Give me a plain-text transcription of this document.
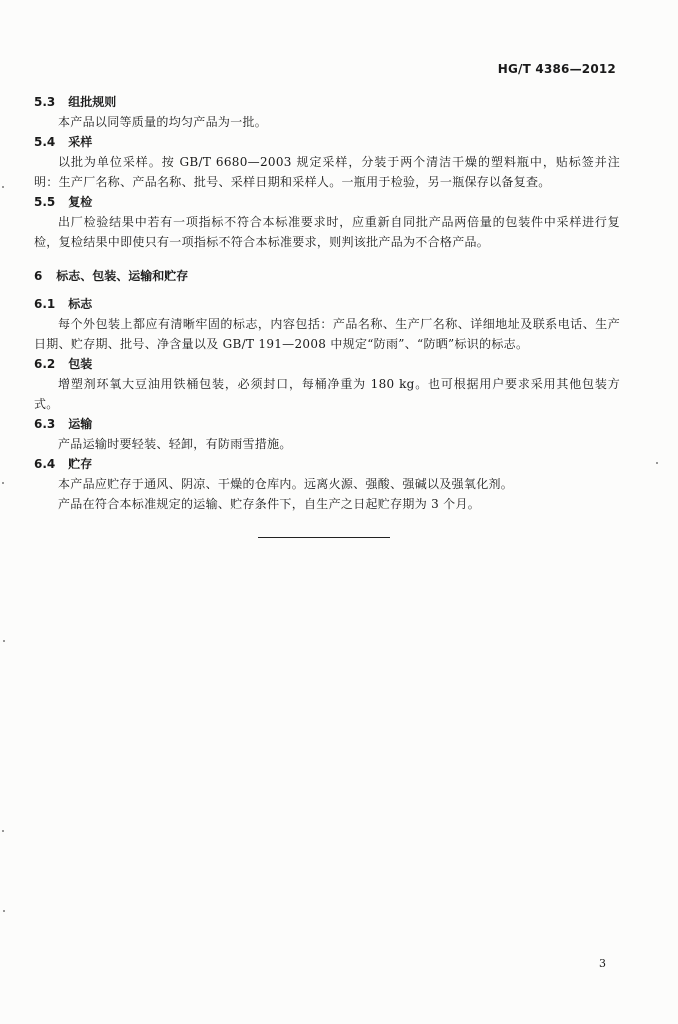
HG/T 4386—2012
5.3 组批规则

本产品以同等质量的均匀产品为一批。

5.4 采样

以批为单位采样。按 GB/T 6680—2003 规定采样，分装于两个清洁干燥的塑料瓶中，贴标签并注明：生产厂名称、产品名称、批号、采样日期和采样人。一瓶用于检验，另一瓶保存以备复查。

5.5 复检

出厂检验结果中若有一项指标不符合本标准要求时，应重新自同批产品两倍量的包装件中采样进行复检，复检结果中即使只有一项指标不符合本标准要求，则判该批产品为不合格产品。

6 标志、包装、运输和贮存
6.1 标志

每个外包装上都应有清晰牢固的标志，内容包括：产品名称、生产厂名称、详细地址及联系电话、生产日期、贮存期、批号、净含量以及 GB/T 191—2008 中规定“防雨”、“防晒”标识的标志。

6.2 包装

增塑剂环氧大豆油用铁桶包装，必须封口，每桶净重为 180 kg。也可根据用户要求采用其他包装方式。

6.3 运输

产品运输时要轻装、轻卸，有防雨雪措施。

6.4 贮存

本产品应贮存于通风、阴凉、干燥的仓库内。远离火源、强酸、强碱以及强氧化剂。

产品在符合本标准规定的运输、贮存条件下，自生产之日起贮存期为 3 个月。

3
